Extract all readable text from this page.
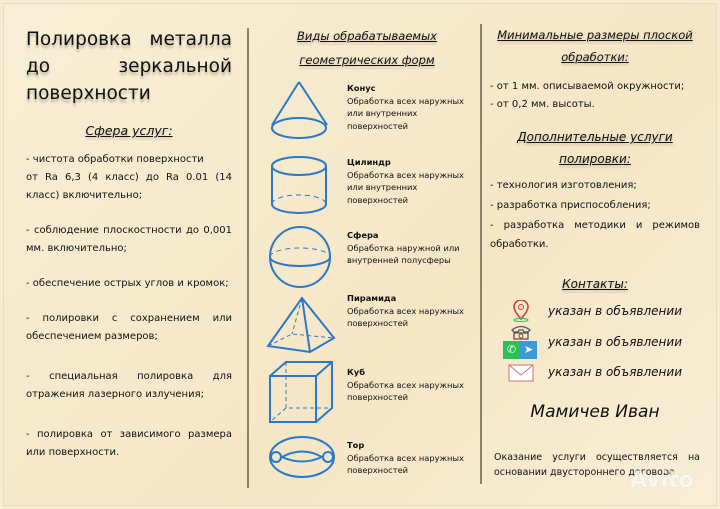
Полировка металла до зеркальной поверхности
Сфера услуг:
- чистота обработки поверхности
от Ra 6,3 (4 класс) до Ra 0.01 (14 класс) включительно;
- соблюдение плоскостности до 0,001 мм. включительно;
- обеспечение острых углов и кромок;
- полировки с сохранением или обеспечением размеров;
- специальная полировка для отражения лазерного излучения;
- полировка от зависимого размера или поверхности.
Виды обрабатываемых
геометрических форм
Конус
Обработка всех наружных или внутренних поверхностей
Цилиндр
Обработка всех наружных или внутренних поверхностей
Сфера
Обработка наружной или внутренней полусферы
Пирамида
Обработка всех наружных поверхностей
Куб
Обработка всех наружных поверхностей
Тор
Обработка всех наружных поверхностей
Минимальные размеры плоской
обработки:
- от 1 мм. описываемой окружности;
- от 0,2 мм. высоты.
Дополнительные услуги
полировки:
- технология изготовления;
- разработка приспособления;
- разработка методики и режимов обработки.
Контакты:
указан в объявлении
✆ ➤
указан в объявлении
указан в объявлении
Мамичев Иван
Оказание услуги осуществляется на основании двустороннего договора
Avito
